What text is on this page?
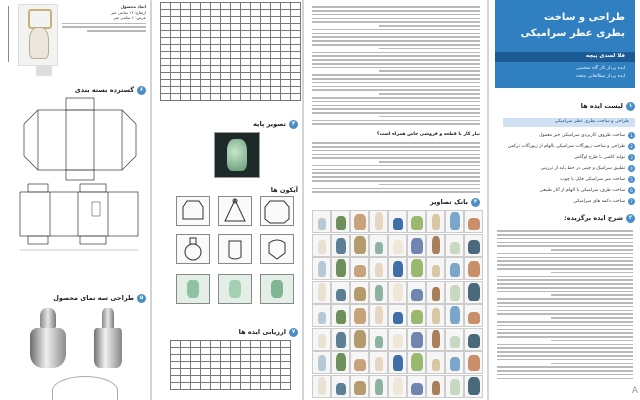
ابعاد محصول
ارتفاع: ۱۲ سانتی متر
عرض: ۶ سانتی متر
۶
گسترده بسته بندی
۵
طراحی سه نمای محصول

۴
تصویر پایه
آیکون ها
۷
ارزیابی ایده ها

نیاز کار با قطعه و فروشی خاص همراه است؟
۳
بانک تصاویر
طراحی و ساخت
بطری عطر سرامیکی
فلا لسدی پیچه
ایده پرداز کار گاه شخصی
ایده پرداز مطالعاتی متعدد
۱
لیست ایده ها
طراحی و ساخت بطری عطر سرامیکی
1
ساخت ظروف کاربردی سرامیکی خیر معمول
2
طراحی و ساخت زیورآلات سرامیکی بالهام از زیورآلات ترکمن
3
تولید کاشی با طرح اوگامی
4
تطبیق سرامیک و چینی در خط پایه از ترزینی
5
ساخت میز سرامیکی قابل با چوب
6
ساخت طرف سرامیکی با الهام از آثار طبیعی
7
ساخت دکمه های سرامیکی
۲
شرح ایده برگزیده:
A
